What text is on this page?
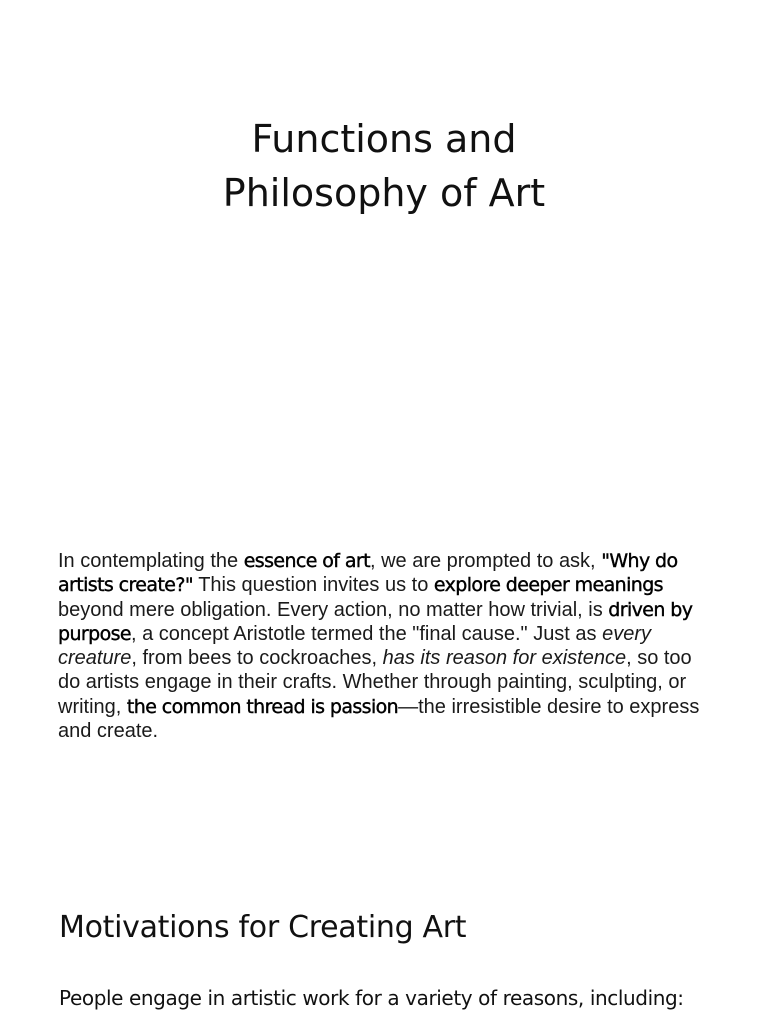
Functions and
Philosophy of Art

In contemplating the essence of art, we are prompted to ask, "Why do artists create?" This question invites us to explore deeper meanings beyond mere obligation. Every action, no matter how trivial, is driven by purpose, a concept Aristotle termed the "final cause." Just as every creature, from bees to cockroaches, has its reason for existence, so too do artists engage in their crafts. Whether through painting, sculpting, or writing, the common thread is passion—the irresistible desire to express and create.

Motivations for Creating Art

People engage in artistic work for a variety of reasons, including:
